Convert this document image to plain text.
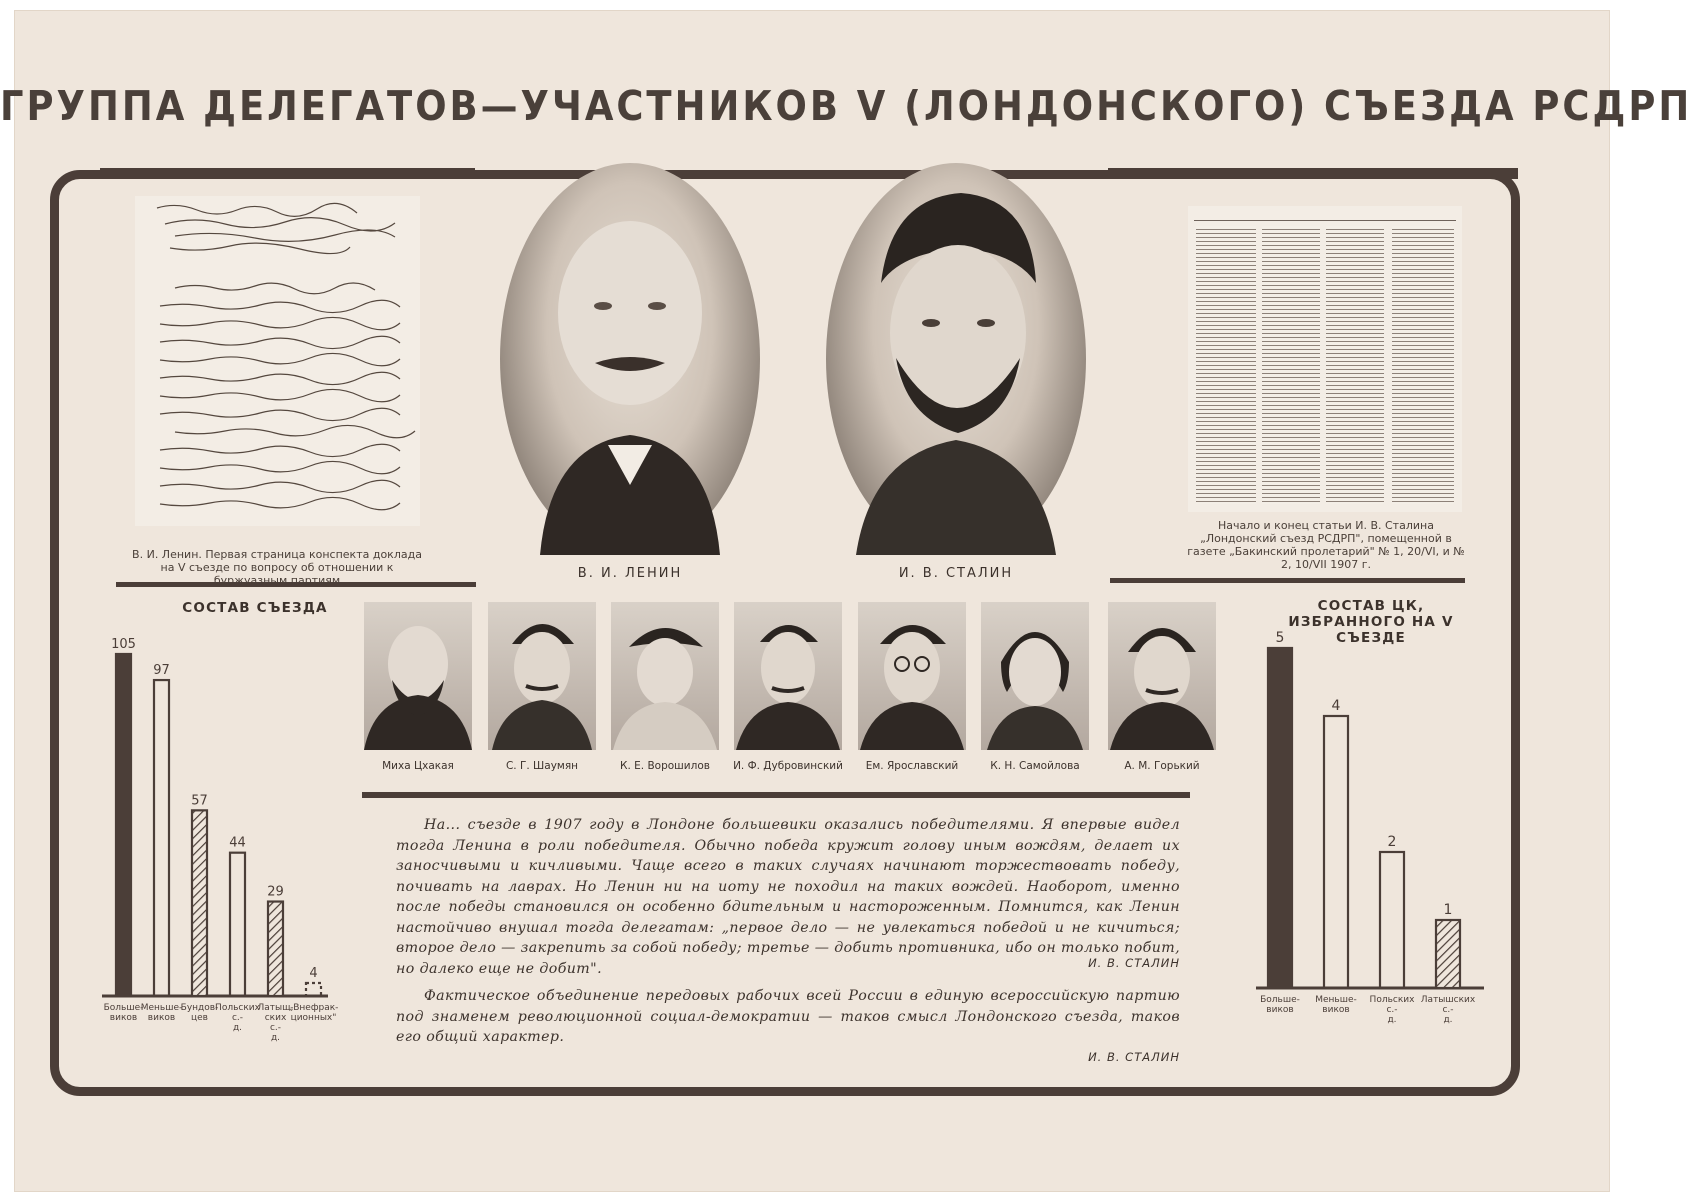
ГРУППА ДЕЛЕГАТОВ—УЧАСТНИКОВ V (ЛОНДОНСКОГО) СЪЕЗДА РСДРП
В. И. Ленин. Первая страница конспекта доклада на V съезде по вопросу об отношении к буржуазным партиям	В. И. ЛЕНИН	И. В. СТАЛИН
Начало и конец статьи И. В. Сталина „Лондонский съезд РСДРП", помещенной в газете „Бакинский пролетарий" № 1, 20/VI, и № 2, 10/VII 1907 г.
Миха Цхакая	С. Г. Шаумян	К. Е. Ворошилов	И. Ф. Дубровинский	Ем. Ярославский	К. Н. Самойлова	А. М. Горький
На... съезде в 1907 году в Лондоне большевики оказались победителями. Я впервые видел тогда Ленина в роли победителя. Обычно победа кружит голову иным вождям, делает их заносчивыми и кичливыми. Чаще всего в таких случаях начинают торжествовать победу, почивать на лаврах. Но Ленин ни на иоту не походил на таких вождей. Наоборот, именно после победы становился он особенно бдительным и настороженным. Помнится, как Ленин настойчиво внушал тогда делегатам: „первое дело — не увлекаться победой и не кичиться; второе дело — закрепить за собой победу; третье — добить противника, ибо он только побит, но далеко еще не добит".	И. В. СТАЛИН
Фактическое объединение передовых рабочих всей России в единую всероссийскую партию под знаменем революционной социал-демократии — таков смысл Лондонского съезда, таков его общий характер.
И. В. СТАЛИН
СОСТАВ СЪЕЗДА
105
Больше-виков
97
Меньше-виков
57
Бундов-цев
44
Польских с.-д.
29
Латыш-ских с.-д.
4
„Внефрак-ционных"
СОСТАВ ЦК, ИЗБРАННОГО НА V СЪЕЗДЕ
5
Больше-виков
4
Меньше-виков
2
Польских с.-д.
1
Латышских с.-д.
